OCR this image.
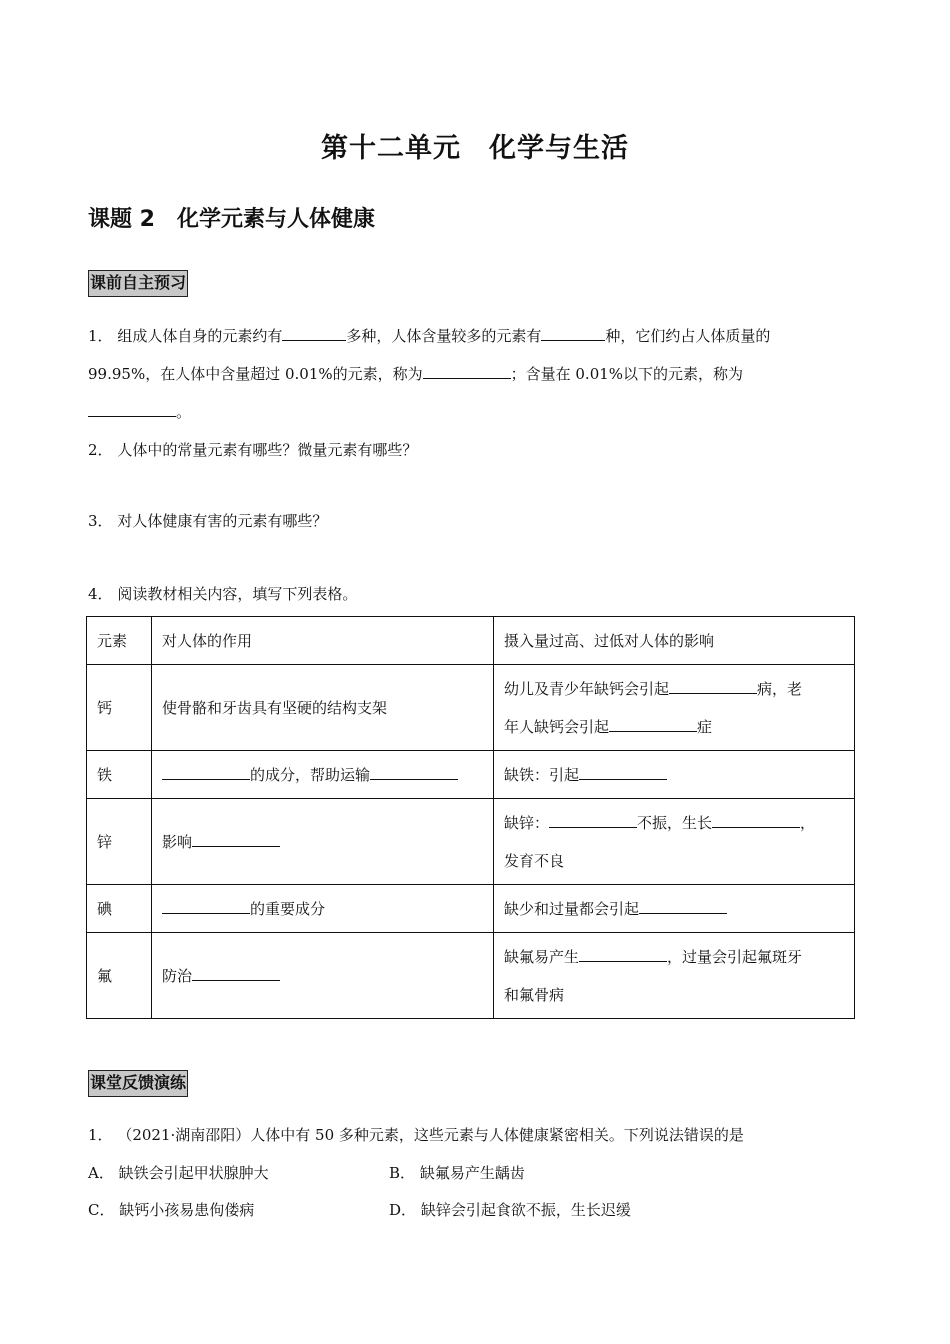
第十二单元　化学与生活
课题 2　化学元素与人体健康
课前自主预习
1． 组成人体自身的元素约有	多种，人体含量较多的元素有	种，它们约占人体质量的
99.95%，在人体中含量超过 0.01%的元素，称为	；含量在 0.01%以下的元素，称为
。
2． 人体中的常量元素有哪些？微量元素有哪些？
3． 对人体健康有害的元素有哪些？
4． 阅读教材相关内容，填写下列表格。
元素	对人体的作用	摄入量过高、过低对人体的影响
钙	使骨骼和牙齿具有坚硬的结构支架	幼儿及青少年缺钙会引起 病，老
年人缺钙会引起 症
铁	的成分，帮助运输	缺铁：引起
锌	影响	缺锌： 不振，生长 ，
发育不良
碘	的重要成分	缺少和过量都会引起
氟	防治	缺氟易产生 ，过量会引起氟斑牙
和氟骨病
课堂反馈演练
1． （2021·湖南邵阳）人体中有 50 多种元素，这些元素与人体健康紧密相关。下列说法错误的是
A． 缺铁会引起甲状腺肿大	B． 缺氟易产生龋齿
C． 缺钙小孩易患佝偻病	D． 缺锌会引起食欲不振，生长迟缓
